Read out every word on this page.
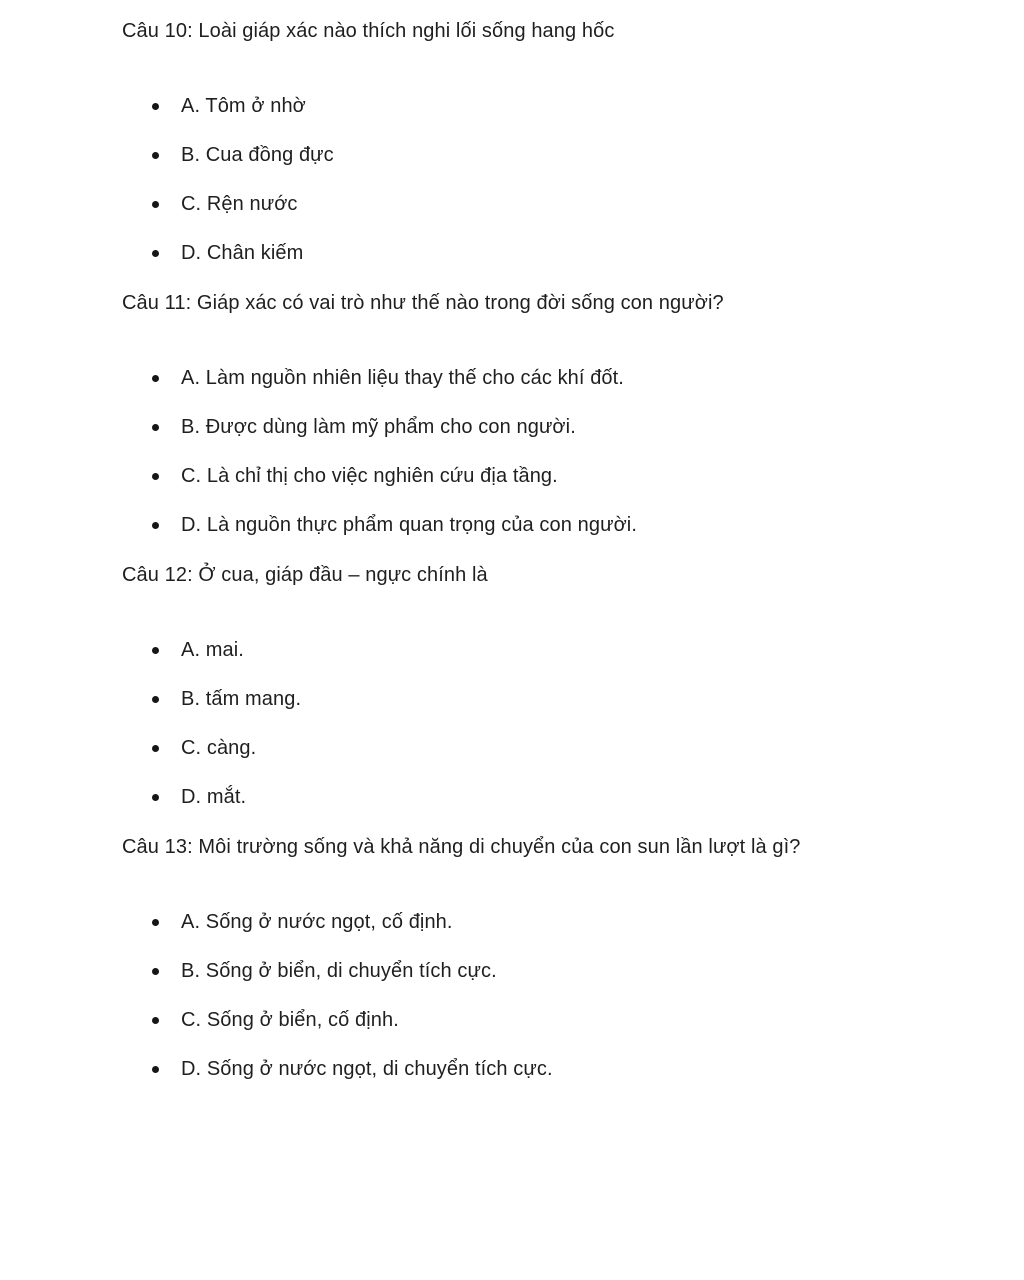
Câu 10: Loài giáp xác nào thích nghi lối sống hang hốc
A. Tôm ở nhờ
B. Cua đồng đực
C. Rện nước
D. Chân kiếm
Câu 11: Giáp xác có vai trò như thế nào trong đời sống con người?
A. Làm nguồn nhiên liệu thay thế cho các khí đốt.
B. Được dùng làm mỹ phẩm cho con người.
C. Là chỉ thị cho việc nghiên cứu địa tầng.
D. Là nguồn thực phẩm quan trọng của con người.
Câu 12: Ở cua, giáp đầu – ngực chính là
A. mai.
B. tấm mang.
C. càng.
D. mắt.
Câu 13: Môi trường sống và khả năng di chuyển của con sun lần lượt là gì?
A. Sống ở nước ngọt, cố định.
B. Sống ở biển, di chuyển tích cực.
C. Sống ở biển, cố định.
D. Sống ở nước ngọt, di chuyển tích cực.
